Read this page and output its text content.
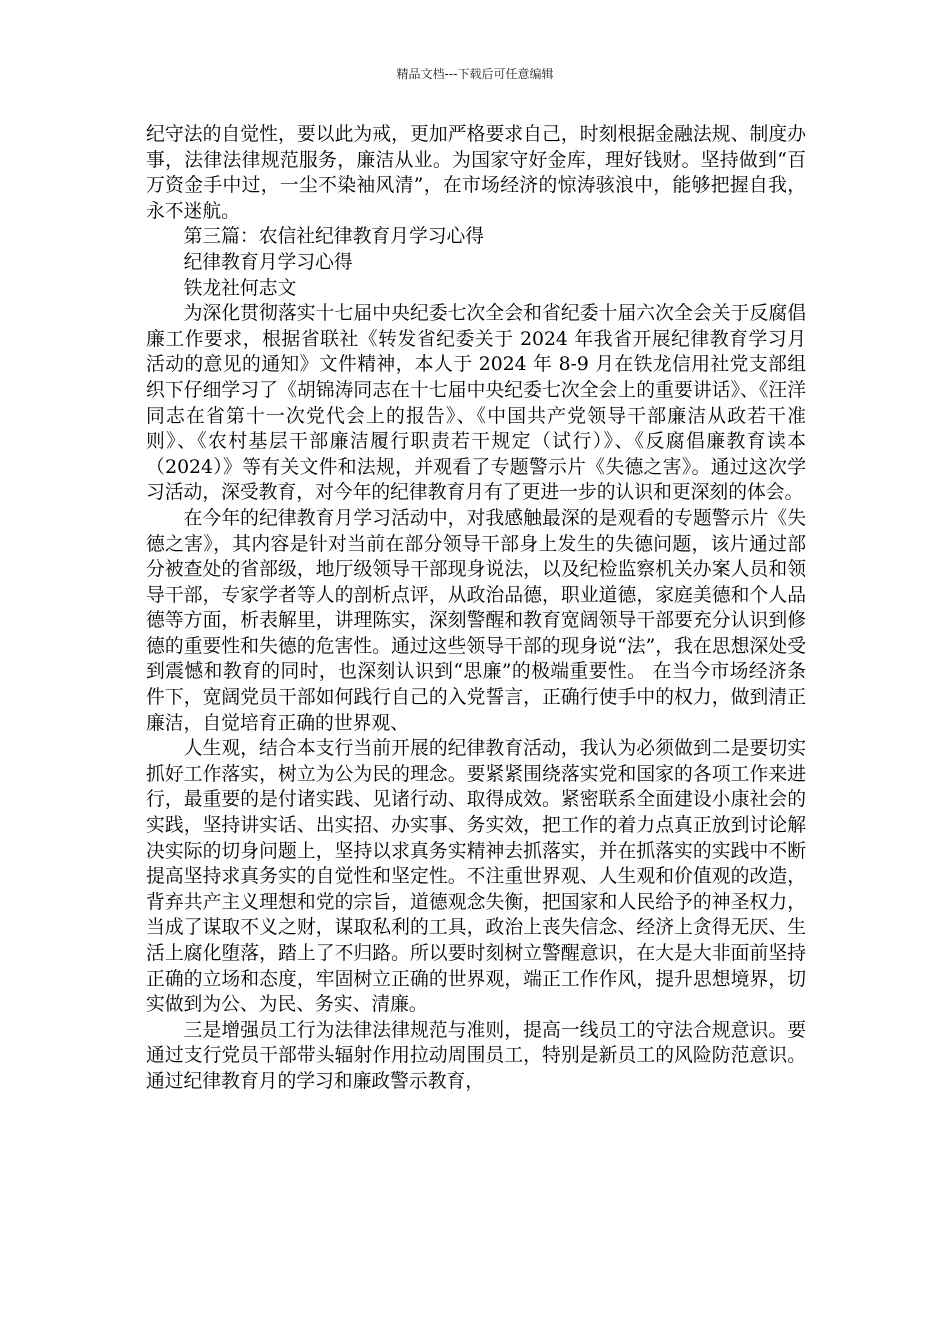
精品文档---下载后可任意编辑

纪守法的自觉性，要以此为戒，更加严格要求自己，时刻根据金融法规、制度办事，法律法律规范服务，廉洁从业。为国家守好金库，理好钱财。坚持做到“百万资金手中过，一尘不染袖风清”，在市场经济的惊涛骇浪中，能够把握自我，永不迷航。

第三篇：农信社纪律教育月学习心得

纪律教育月学习心得

铁龙社何志文

为深化贯彻落实十七届中央纪委七次全会和省纪委十届六次全会关于反腐倡廉工作要求，根据省联社《转发省纪委关于 2024 年我省开展纪律教育学习月活动的意见的通知》文件精神，本人于 2024 年 8-9 月在铁龙信用社党支部组织下仔细学习了《胡锦涛同志在十七届中央纪委七次全会上的重要讲话》、《汪洋同志在省第十一次党代会上的报告》、《中国共产党领导干部廉洁从政若干准则》、《农村基层干部廉洁履行职责若干规定（试行）》、《反腐倡廉教育读本（2024）》等有关文件和法规，并观看了专题警示片《失德之害》。通过这次学习活动，深受教育，对今年的纪律教育月有了更进一步的认识和更深刻的体会。

在今年的纪律教育月学习活动中，对我感触最深的是观看的专题警示片《失德之害》，其内容是针对当前在部分领导干部身上发生的失德问题，该片通过部分被查处的省部级，地厅级领导干部现身说法，以及纪检监察机关办案人员和领导干部，专家学者等人的剖析点评，从政治品德，职业道德，家庭美德和个人品德等方面，析表解里，讲理陈实，深刻警醒和教育宽阔领导干部要充分认识到修德的重要性和失德的危害性。通过这些领导干部的现身说“法”，我在思想深处受到震憾和教育的同时，也深刻认识到“思廉”的极端重要性。 在当今市场经济条件下，宽阔党员干部如何践行自己的入党誓言，正确行使手中的权力，做到清正廉洁，自觉培育正确的世界观、

人生观，结合本支行当前开展的纪律教育活动，我认为必须做到二是要切实抓好工作落实，树立为公为民的理念。要紧紧围绕落实党和国家的各项工作来进行，最重要的是付诸实践、见诸行动、取得成效。紧密联系全面建设小康社会的实践，坚持讲实话、出实招、办实事、务实效，把工作的着力点真正放到讨论解决实际的切身问题上，坚持以求真务实精神去抓落实，并在抓落实的实践中不断提高坚持求真务实的自觉性和坚定性。不注重世界观、人生观和价值观的改造，背弃共产主义理想和党的宗旨，道德观念失衡，把国家和人民给予的神圣权力，当成了谋取不义之财，谋取私利的工具，政治上丧失信念、经济上贪得无厌、生活上腐化堕落，踏上了不归路。所以要时刻树立警醒意识，在大是大非面前坚持正确的立场和态度，牢固树立正确的世界观，端正工作作风，提升思想境界，切实做到为公、为民、务实、清廉。

三是增强员工行为法律法律规范与准则，提高一线员工的守法合规意识。要通过支行党员干部带头辐射作用拉动周围员工，特别是新员工的风险防范意识。通过纪律教育月的学习和廉政警示教育，
